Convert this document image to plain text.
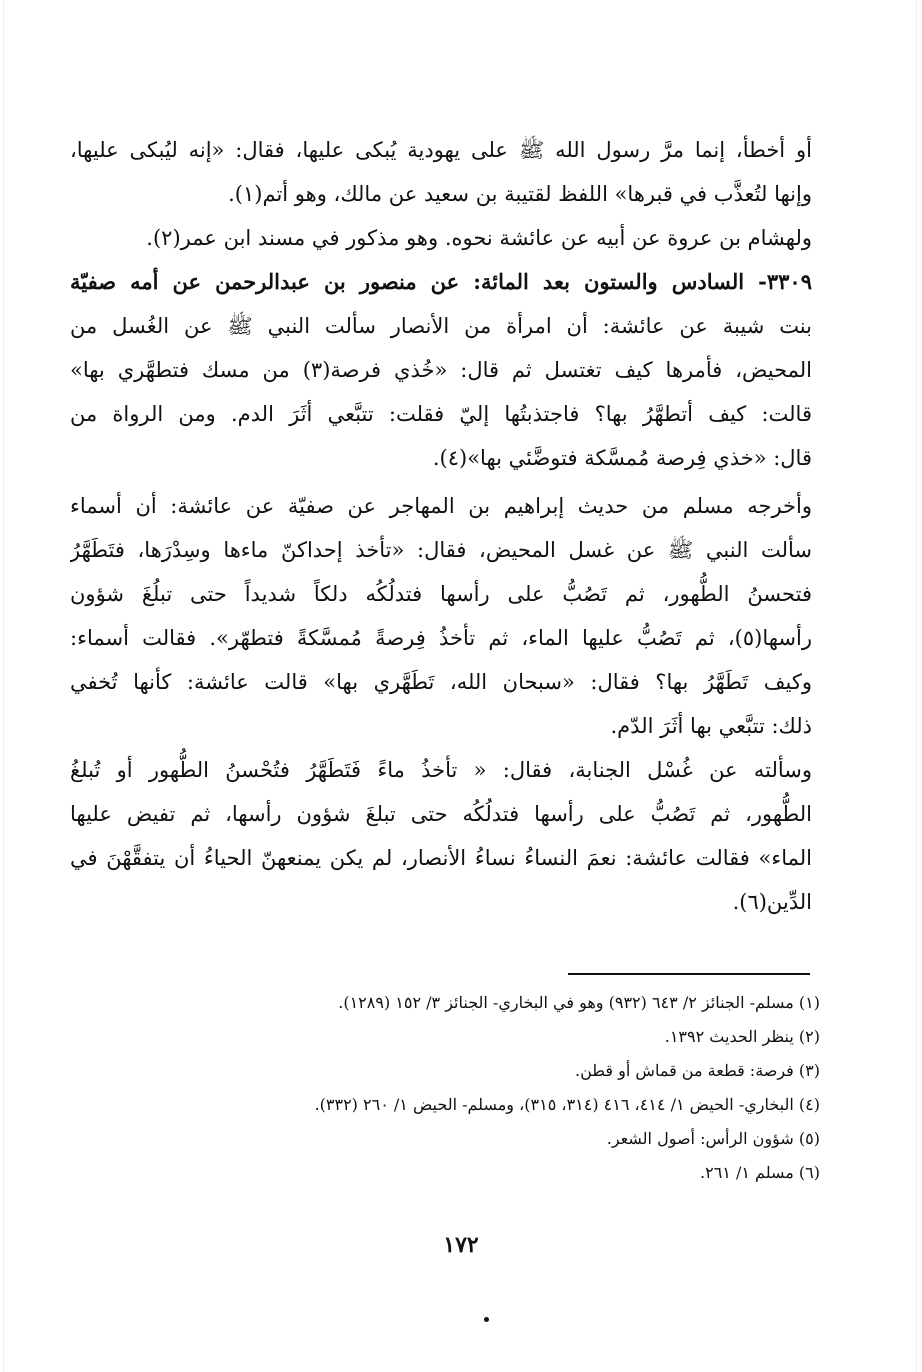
أو أخطأ، إنما مرَّ رسول الله ﷺ على يهودية يُبكى عليها، فقال: «إنه ليُبكى عليها،
وإنها لتُعذَّب في قبرها» اللفظ لقتيبة بن سعيد عن مالك، وهو أتم(١).
ولهشام بن عروة عن أبيه عن عائشة نحوه. وهو مذكور في مسند ابن عمر(٢).
٣٣٠٩- السادس والستون بعد المائة: عن منصور بن عبدالرحمن عن أمه صفيّة
بنت شيبة عن عائشة: أن امرأة من الأنصار سألت النبي ﷺ عن الغُسل من
المحيض، فأمرها كيف تغتسل ثم قال: «خُذي فرصة(٣) من مسك فتطهَّري بها»
قالت: كيف أتطهَّرُ بها؟ فاجتذبتُها إليّ فقلت: تتبَّعي أثَرَ الدم. ومن الرواة من
قال: «خذي فِرصة مُمسَّكة فتوضَّئي بها»(٤).
وأخرجه مسلم من حديث إبراهيم بن المهاجر عن صفيّة عن عائشة: أن أسماء
سألت النبي ﷺ عن غسل المحيض، فقال: «تأخذ إحداكنّ ماءها وسِدْرَها، فتَطَهَّرُ
فتحسنُ الطُّهور، ثم تَصُبُّ على رأسها فتدلُكُه دلكاً شديداً حتى تبلُغَ شؤون
رأسها(٥)، ثم تَصُبُّ عليها الماء، ثم تأخذُ فِرصةً مُمسَّكةً فتطهّر». فقالت أسماء:
وكيف تَطَهَّرُ بها؟ فقال: «سبحان الله، تَطَهَّري بها» قالت عائشة: كأنها تُخفي
ذلك: تتبَّعي بها أثَرَ الدّم.
وسألته عن غُسْل الجنابة، فقال: « تأخذُ ماءً فَتَطَهَّرُ فتُحْسنُ الطُّهور أو تُبلغُ
الطُّهور، ثم تَصُبُّ على رأسها فتدلُكُه حتى تبلغَ شؤون رأسها، ثم تفيض عليها
الماء» فقالت عائشة: نعمَ النساءُ نساءُ الأنصار، لم يكن يمنعهنّ الحياءُ أن يتفقَّهْنَ في
الدِّين(٦).
(١) مسلم- الجنائز ٢/ ٦٤٣ (٩٣٢) وهو في البخاري- الجنائز ٣/ ١٥٢ (١٢٨٩).
(٢) ينظر الحديث ١٣٩٢.
(٣) فرصة: قطعة من قماش أو قطن.
(٤) البخاري- الحيض ١/ ٤١٤، ٤١٦ (٣١٤، ٣١٥)، ومسلم- الحيض ١/ ٢٦٠ (٣٣٢).
(٥) شؤون الرأس: أصول الشعر.
(٦) مسلم ١/ ٢٦١.
١٧٢
